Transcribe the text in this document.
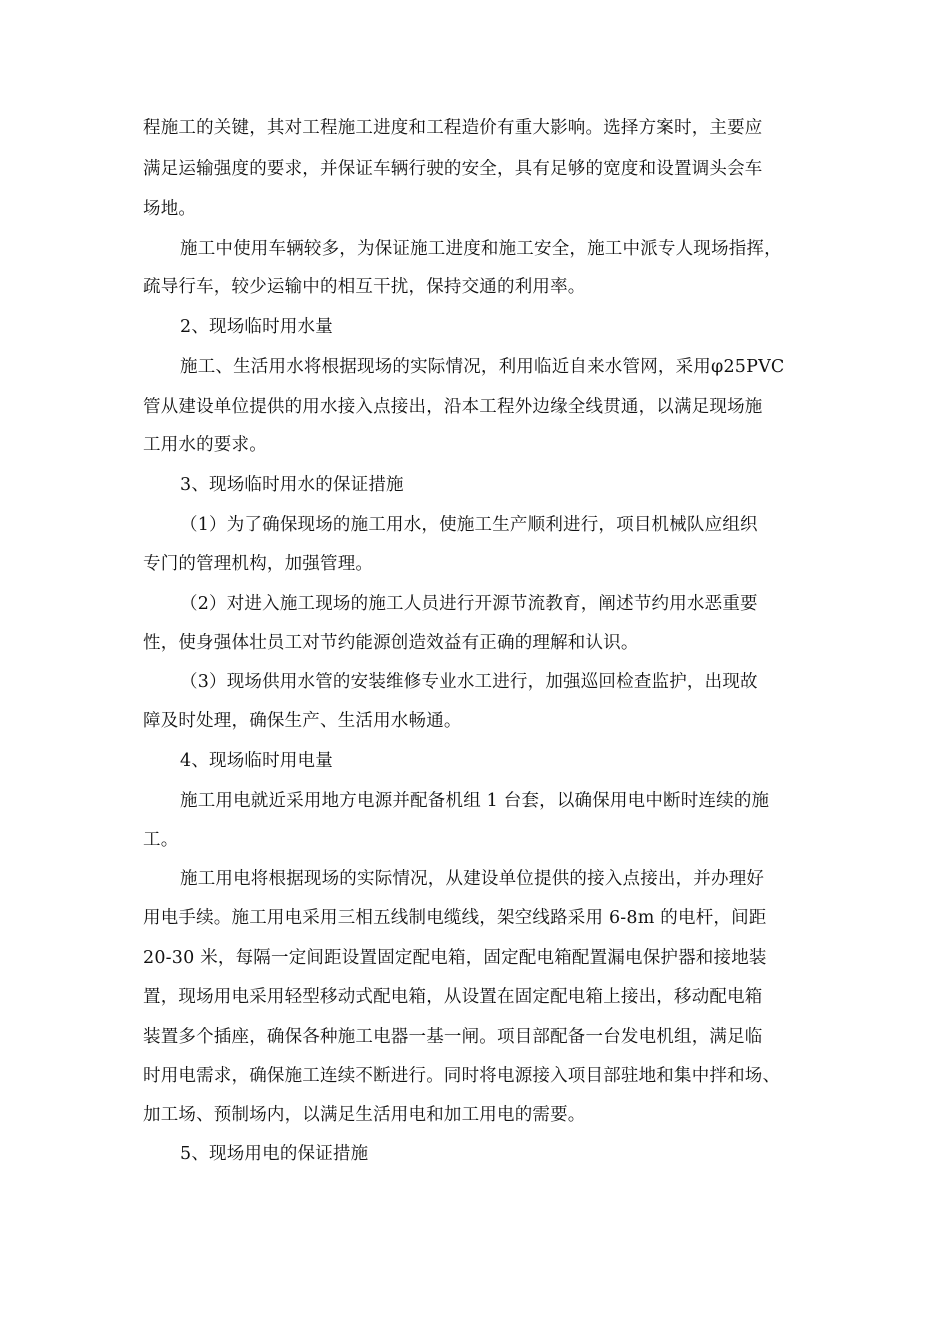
程施工的关键，其对工程施工进度和工程造价有重大影响。选择方案时，主要应
满足运输强度的要求，并保证车辆行驶的安全，具有足够的宽度和设置调头会车
场地。
施工中使用车辆较多，为保证施工进度和施工安全，施工中派专人现场指挥，
疏导行车，较少运输中的相互干扰，保持交通的利用率。
2、现场临时用水量
施工、生活用水将根据现场的实际情况，利用临近自来水管网，采用φ25PVC
管从建设单位提供的用水接入点接出，沿本工程外边缘全线贯通，以满足现场施
工用水的要求。
3、现场临时用水的保证措施
（1）为了确保现场的施工用水，使施工生产顺利进行，项目机械队应组织
专门的管理机构，加强管理。
（2）对进入施工现场的施工人员进行开源节流教育，阐述节约用水恶重要
性，使身强体壮员工对节约能源创造效益有正确的理解和认识。
（3）现场供用水管的安装维修专业水工进行，加强巡回检查监护，出现故
障及时处理，确保生产、生活用水畅通。
4、现场临时用电量
施工用电就近采用地方电源并配备机组 1 台套，以确保用电中断时连续的施
工。
施工用电将根据现场的实际情况，从建设单位提供的接入点接出，并办理好
用电手续。施工用电采用三相五线制电缆线，架空线路采用 6-8m 的电杆，间距
20-30 米，每隔一定间距设置固定配电箱，固定配电箱配置漏电保护器和接地装
置，现场用电采用轻型移动式配电箱，从设置在固定配电箱上接出，移动配电箱
装置多个插座，确保各种施工电器一基一闸。项目部配备一台发电机组，满足临
时用电需求，确保施工连续不断进行。同时将电源接入项目部驻地和集中拌和场、
加工场、预制场内，以满足生活用电和加工用电的需要。
5、现场用电的保证措施
